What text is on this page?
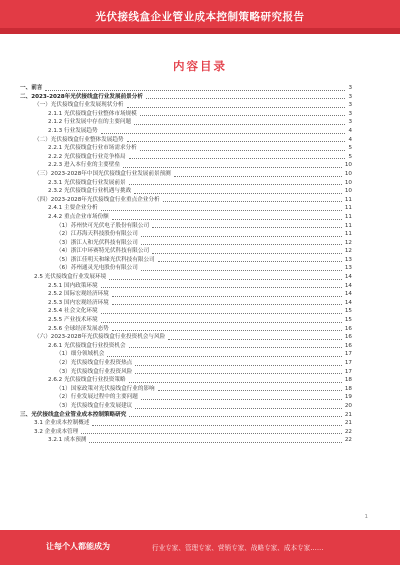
光伏接线盒企业管业成本控制策略研究报告
内容目录
一、前言	3
二、2023-2028年光伏接线盒行业发展前景分析	3
（一）光伏接线盒行业发展现状分析	3
2.1.1 光伏接线盒行业整体市场规模	3
2.1.2 行业发展中存在的主要问题	3
2.1.3 行业发展趋势	4
（二）光伏接线盒行业整体发展趋势	4
2.2.1 光伏接线盒行业市场需求分析	5
2.2.2 光伏接线盒行业竞争格局	5
2.2.3 进入本行业的主要壁垒	10
（三）2023-2028年中国光伏接线盒行业发展前景预测	10
2.3.1 光伏接线盒行业发展前景	10
2.3.2 光伏接线盒行业机遇与挑战	10
（四）2023-2028年光伏接线盒行业重点企业分析	11
2.4.1 主要企业分析	11
2.4.2 重点企业市场份额	11
（1）苏州快可光伏电子股份有限公司	11
（2）江苏海天科技股份有限公司	11
（3）浙江人和光伏科技有限公司	12
（4）浙江中环赛特光伏科技有限公司	12
（5）浙江佳明天和缘光伏科技有限公司	13
（6）苏州通灵光电股份有限公司	13
2.5 光伏接线盒行业发展环境	14
2.5.1 国内政策环境	14
2.5.2 国际宏观经济环境	14
2.5.3 国内宏观经济环境	14
2.5.4 社会文化环境	15
2.5.5 产业技术环境	15
2.5.6 全球经济发展态势	16
（六）2023-2028年光伏接线盒行业投资机会与风险	16
2.6.1 光伏接线盒行业投资机会	16
（1）细分领域机会	17
（2）光伏接线盒行业投资热点	17
（3）光伏接线盒行业投资风险	17
2.6.2 光伏接线盒行业投资策略	18
（1）国家政策对光伏接线盒行业的影响	18
（2）行业发展过程中的主要问题	19
（3）光伏接线盒行业发展建议	20
三、光伏接线盒企业管业成本控制策略研究	21
3.1 企业成本控制概述	21
3.2 企业成本管理	22
3.2.1 成本预测	22
1
让每个人都能成为	行业专家、管理专家、营销专家、战略专家、成本专家……
